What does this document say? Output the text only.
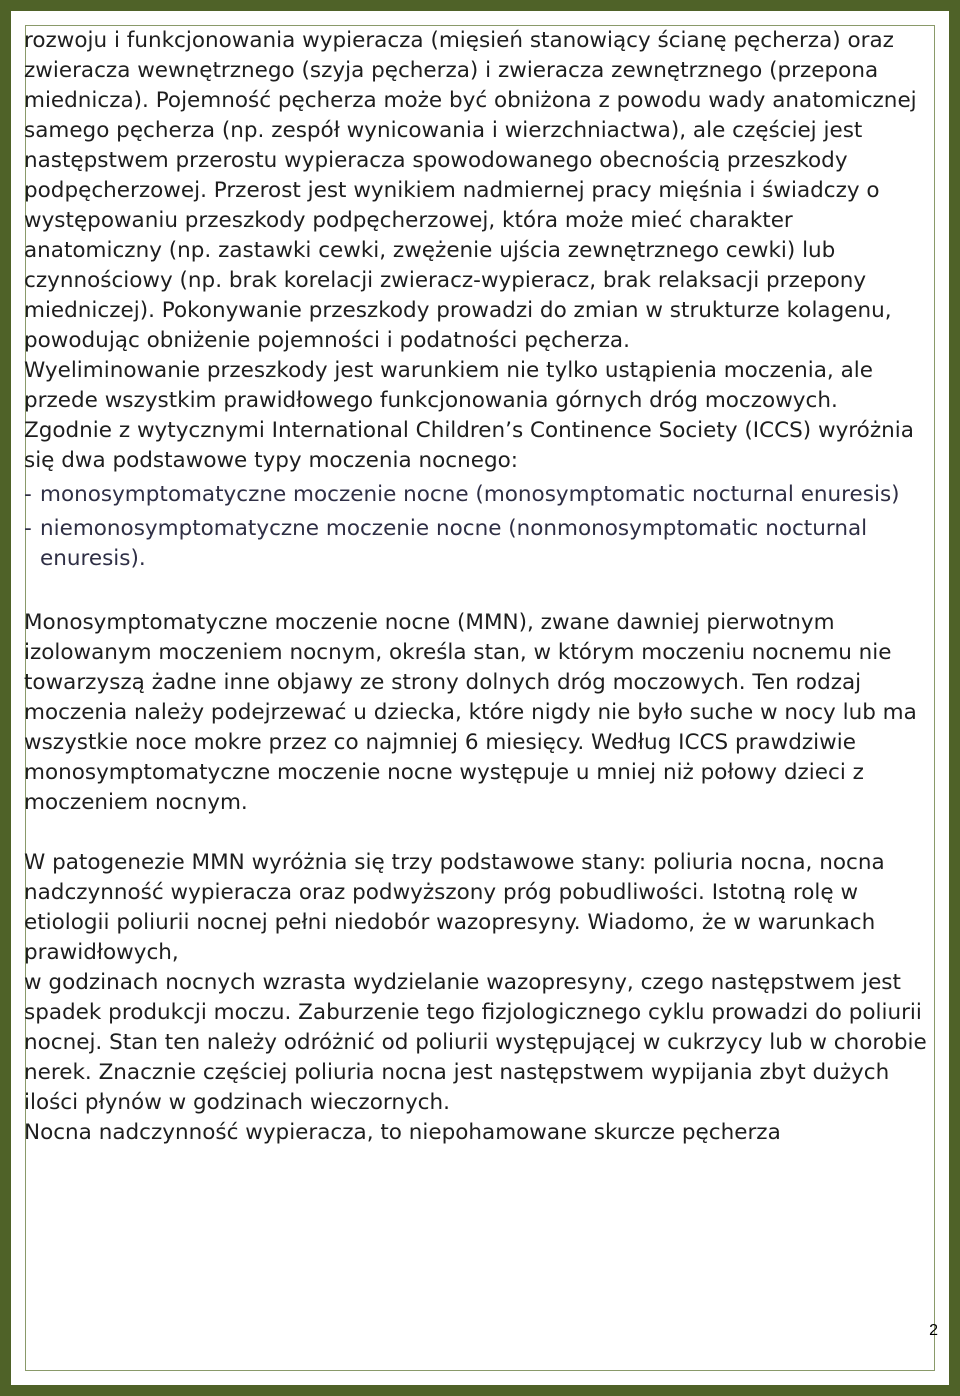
rozwoju i funkcjonowania wypieracza (mięsień stanowiący ścianę pęcherza) oraz zwieracza wewnętrznego (szyja pęcherza) i zwieracza zewnętrznego (przepona miednicza). Pojemność pęcherza może być obniżona z powodu wady anatomicznej samego pęcherza (np. zespół wynicowania i wierzchniactwa), ale częściej jest następstwem przerostu wypieracza spowodowanego obecnością przeszkody podpęcherzowej. Przerost jest wynikiem nadmiernej pracy mięśnia i świadczy o występowaniu przeszkody podpęcherzowej, która może mieć charakter anatomiczny (np. zastawki cewki, zwężenie ujścia zewnętrznego cewki) lub czynnościowy (np. brak korelacji zwieracz-wypieracz, brak relaksacji przepony miedniczej). Pokonywanie przeszkody prowadzi do zmian w strukturze kolagenu, powodując obniżenie pojemności i podatności pęcherza.

Wyeliminowanie przeszkody jest warunkiem nie tylko ustąpienia moczenia, ale przede wszystkim prawidłowego funkcjonowania górnych dróg moczowych.

Zgodnie z wytycznymi International Children’s Continence Society (ICCS) wyróżnia się dwa podstawowe typy moczenia nocnego:

- monosymptomatyczne moczenie nocne (monosymptomatic nocturnal enuresis)
- niemonosymptomatyczne moczenie nocne (nonmonosymptomatic nocturnal enuresis).

Monosymptomatyczne moczenie nocne (MMN), zwane dawniej pierwotnym izolowanym moczeniem nocnym, określa stan, w którym moczeniu nocnemu nie towarzyszą żadne inne objawy ze strony dolnych dróg moczowych. Ten rodzaj moczenia należy podejrzewać u dziecka, które nigdy nie było suche w nocy lub ma wszystkie noce mokre przez co najmniej 6 miesięcy. Według ICCS prawdziwie monosymptomatyczne moczenie nocne występuje u mniej niż połowy dzieci z moczeniem nocnym.

W patogenezie MMN wyróżnia się trzy podstawowe stany: poliuria nocna, nocna nadczynność wypieracza oraz podwyższony próg pobudliwości. Istotną rolę w etiologii poliurii nocnej pełni niedobór wazopresyny. Wiadomo, że w warunkach prawidłowych,

w godzinach nocnych wzrasta wydzielanie wazopresyny, czego następstwem jest spadek produkcji moczu. Zaburzenie tego fizjologicznego cyklu prowadzi do poliurii nocnej. Stan ten należy odróżnić od poliurii występującej w cukrzycy lub w chorobie nerek. Znacznie częściej poliuria nocna jest następstwem wypijania zbyt dużych ilości płynów w godzinach wieczornych.

Nocna nadczynność wypieracza, to niepohamowane skurcze pęcherza

2
